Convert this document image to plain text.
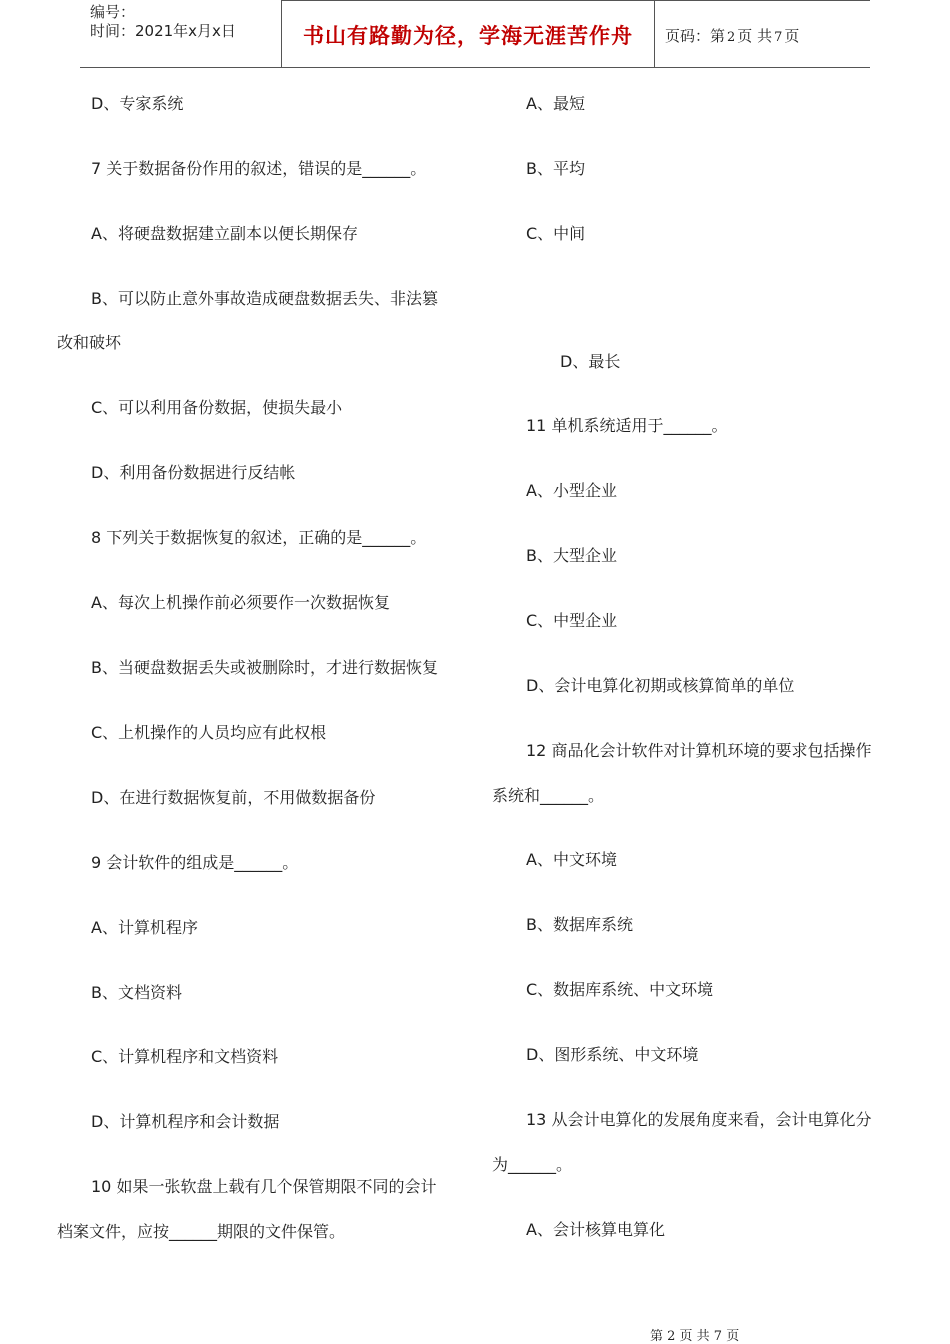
编号：
时间：2021年x月x日	书山有路勤为径，学海无涯苦作舟	页码：第 2 页 共 7 页
D、专家系统
7 关于数据备份作用的叙述，错误的是______。
A、将硬盘数据建立副本以便长期保存
B、可以防止意外事故造成硬盘数据丢失、非法篡
改和破坏
C、可以利用备份数据，使损失最小
D、利用备份数据进行反结帐
8 下列关于数据恢复的叙述，正确的是______。
A、每次上机操作前必须要作一次数据恢复
B、当硬盘数据丢失或被删除时，才进行数据恢复
C、上机操作的人员均应有此权根
D、在进行数据恢复前，不用做数据备份
9 会计软件的组成是______。
A、计算机程序
B、文档资料
C、计算机程序和文档资料
D、计算机程序和会计数据
10 如果一张软盘上载有几个保管期限不同的会计
档案文件，应按______期限的文件保管。
A、最短
B、平均
C、中间
D、最长
11 单机系统适用于______。
A、小型企业
B、大型企业
C、中型企业
D、会计电算化初期或核算简单的单位
12 商品化会计软件对计算机环境的要求包括操作
系统和______。
A、中文环境
B、数据库系统
C、数据库系统、中文环境
D、图形系统、中文环境
13 从会计电算化的发展角度来看，会计电算化分
为______。
A、会计核算电算化
第 2 页 共 7 页
